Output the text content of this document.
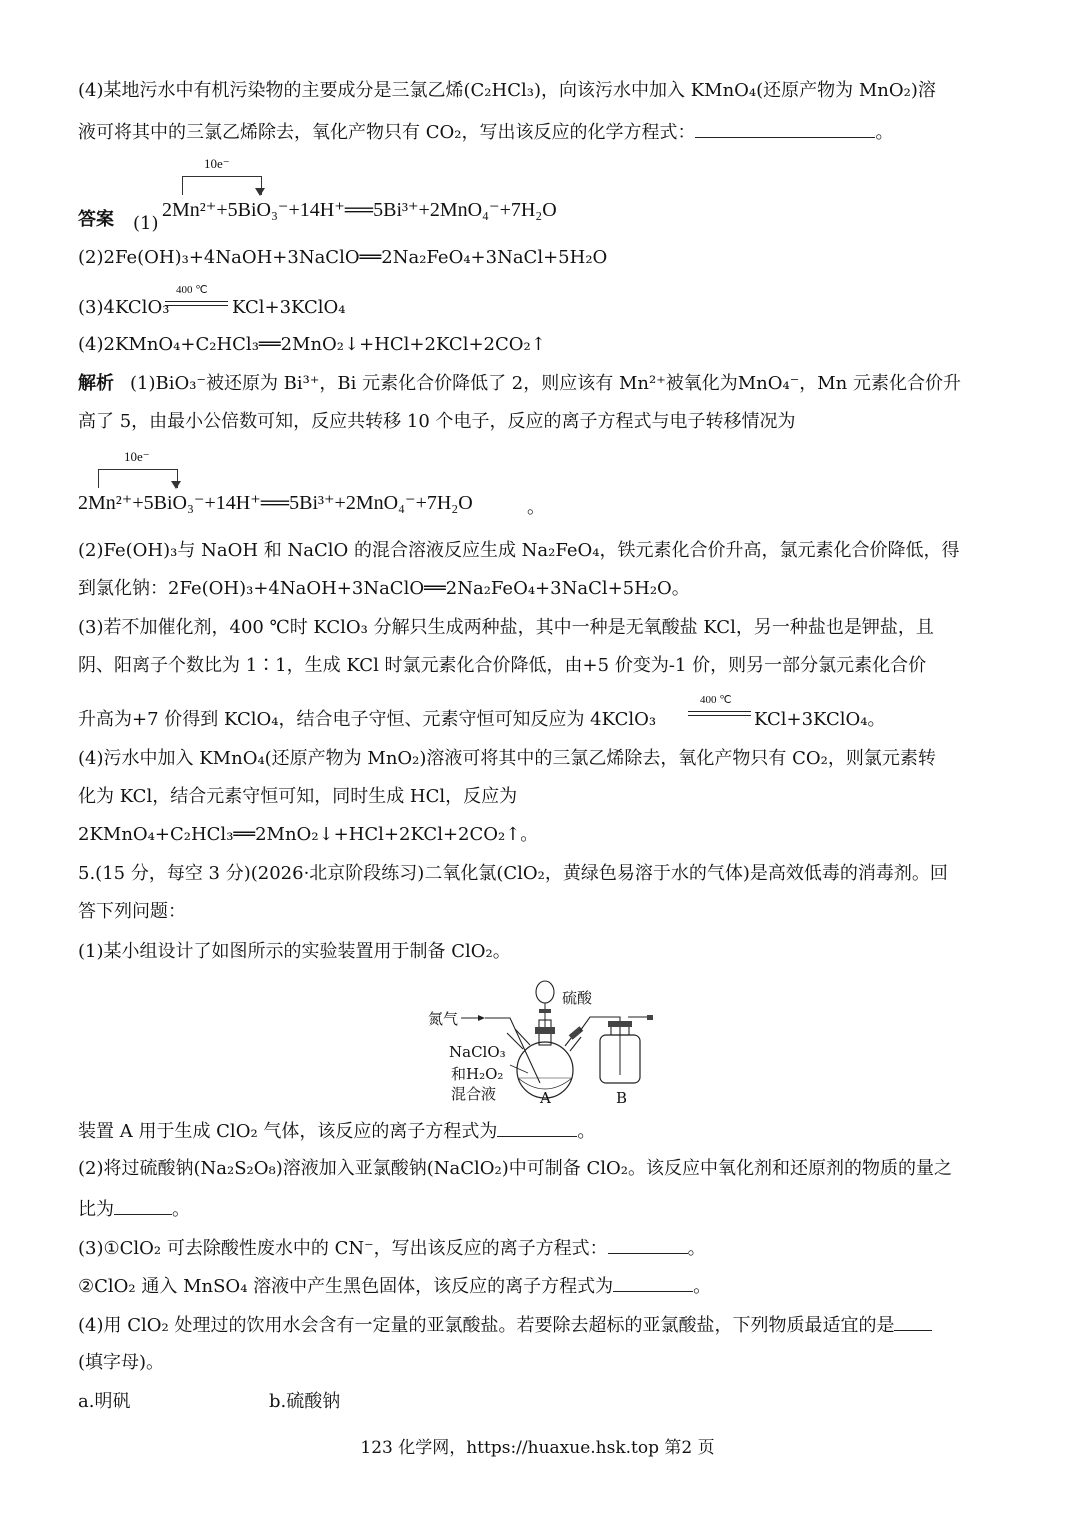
(4)某地污水中有机污染物的主要成分是三氯乙烯(C₂HCl₃)，向该污水中加入 KMnO₄(还原产物为 MnO₂)溶
液可将其中的三氯乙烯除去，氧化产物只有 CO₂，写出该反应的化学方程式：	。
答案	(1)
10e⁻
2Mn²⁺+5BiO₃⁻+14H⁺══5Bi³⁺+2MnO₄⁻+7H₂O
(2)2Fe(OH)₃+4NaOH+3NaClO══2Na₂FeO₄+3NaCl+5H₂O
400 ℃
(3)4KClO₃	KCl+3KClO₄
(4)2KMnO₄+C₂HCl₃══2MnO₂↓+HCl+2KCl+2CO₂↑
解析 (1)BiO₃⁻被还原为 Bi³⁺，Bi 元素化合价降低了 2，则应该有 Mn²⁺被氧化为MnO₄⁻，Mn 元素化合价升
高了 5，由最小公倍数可知，反应共转移 10 个电子，反应的离子方程式与电子转移情况为
10e⁻
2Mn²⁺+5BiO₃⁻+14H⁺══5Bi³⁺+2MnO₄⁻+7H₂O	。
(2)Fe(OH)₃与 NaOH 和 NaClO 的混合溶液反应生成 Na₂FeO₄，铁元素化合价升高，氯元素化合价降低，得
到氯化钠：2Fe(OH)₃+4NaOH+3NaClO══2Na₂FeO₄+3NaCl+5H₂O。
(3)若不加催化剂，400 ℃时 KClO₃ 分解只生成两种盐，其中一种是无氧酸盐 KCl，另一种盐也是钾盐，且
阴、阳离子个数比为 1∶1，生成 KCl 时氯元素化合价降低，由+5 价变为-1 价，则另一部分氯元素化合价
400 ℃
升高为+7 价得到 KClO₄，结合电子守恒、元素守恒可知反应为 4KClO₃	KCl+3KClO₄。
(4)污水中加入 KMnO₄(还原产物为 MnO₂)溶液可将其中的三氯乙烯除去，氧化产物只有 CO₂，则氯元素转
化为 KCl，结合元素守恒可知，同时生成 HCl，反应为
2KMnO₄+C₂HCl₃══2MnO₂↓+HCl+2KCl+2CO₂↑。
5.(15 分，每空 3 分)(2026·北京阶段练习)二氧化氯(ClO₂，黄绿色易溶于水的气体)是高效低毒的消毒剂。回
答下列问题：
(1)某小组设计了如图所示的实验装置用于制备 ClO₂。
硫酸
氮气
NaClO₃
和H₂O₂
混合液	A	B
装置 A 用于生成 ClO₂ 气体，该反应的离子方程式为	。
(2)将过硫酸钠(Na₂S₂O₈)溶液加入亚氯酸钠(NaClO₂)中可制备 ClO₂。该反应中氧化剂和还原剂的物质的量之
比为	。
(3)①ClO₂ 可去除酸性废水中的 CN⁻，写出该反应的离子方程式：	。
②ClO₂ 通入 MnSO₄ 溶液中产生黑色固体，该反应的离子方程式为	。
(4)用 ClO₂ 处理过的饮用水会含有一定量的亚氯酸盐。若要除去超标的亚氯酸盐，下列物质最适宜的是
(填字母)。
a.明矾	b.硫酸钠
123 化学网，https://huaxue.hsk.top 第2 页
